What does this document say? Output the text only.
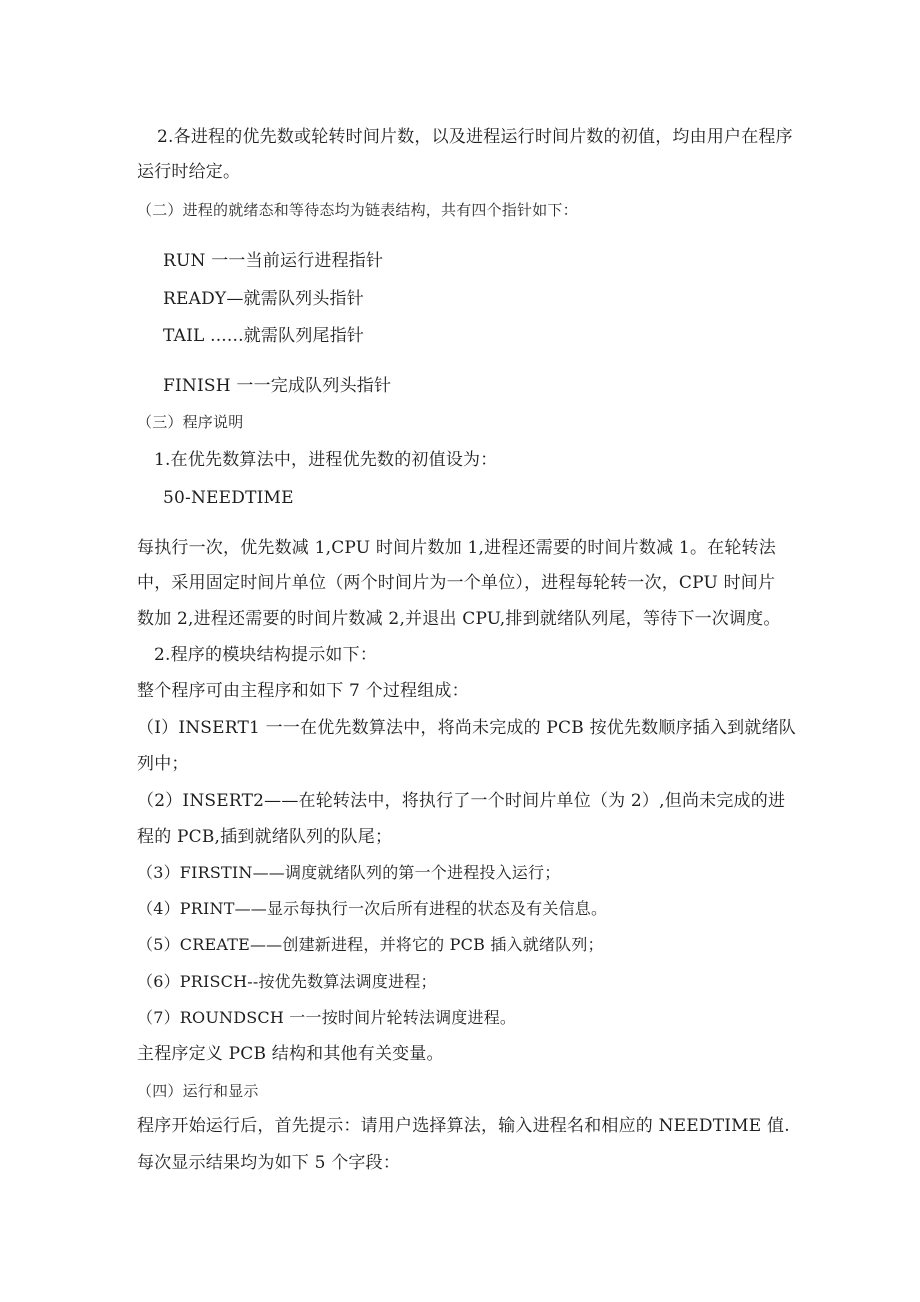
2.各进程的优先数或轮转时间片数，以及进程运行时间片数的初值，均由用户在程序
运行时给定。
（二）进程的就绪态和等待态均为链表结构，共有四个指针如下：
RUN 一一当前运行进程指针
READY—就需队列头指针
TAIL ......就需队列尾指针
FINISH 一一完成队列头指针
（三）程序说明
1.在优先数算法中，进程优先数的初值设为：
50-NEEDTIME
每执行一次，优先数减 1,CPU 时间片数加 1,进程还需要的时间片数减 1。在轮转法
中，采用固定时间片单位（两个时间片为一个单位），进程每轮转一次，CPU 时间片
数加 2,进程还需要的时间片数减 2,并退出 CPU,排到就绪队列尾，等待下一次调度。
2.程序的模块结构提示如下：
整个程序可由主程序和如下 7 个过程组成：
（I）INSERT1 一一在优先数算法中，将尚未完成的 PCB 按优先数顺序插入到就绪队
列中；
（2）INSERT2——在轮转法中，将执行了一个时间片单位（为 2）,但尚未完成的进
程的 PCB,插到就绪队列的队尾；
（3）FIRSTIN——调度就绪队列的第一个进程投入运行；
（4）PRINT——显示每执行一次后所有进程的状态及有关信息。
（5）CREATE——创建新进程，并将它的 PCB 插入就绪队列；
（6）PRISCH--按优先数算法调度进程；
（7）ROUNDSCH 一一按时间片轮转法调度进程。
主程序定义 PCB 结构和其他有关变量。
（四）运行和显示
程序开始运行后，首先提示：请用户选择算法，输入进程名和相应的 NEEDTIME 值.
每次显示结果均为如下 5 个字段：
